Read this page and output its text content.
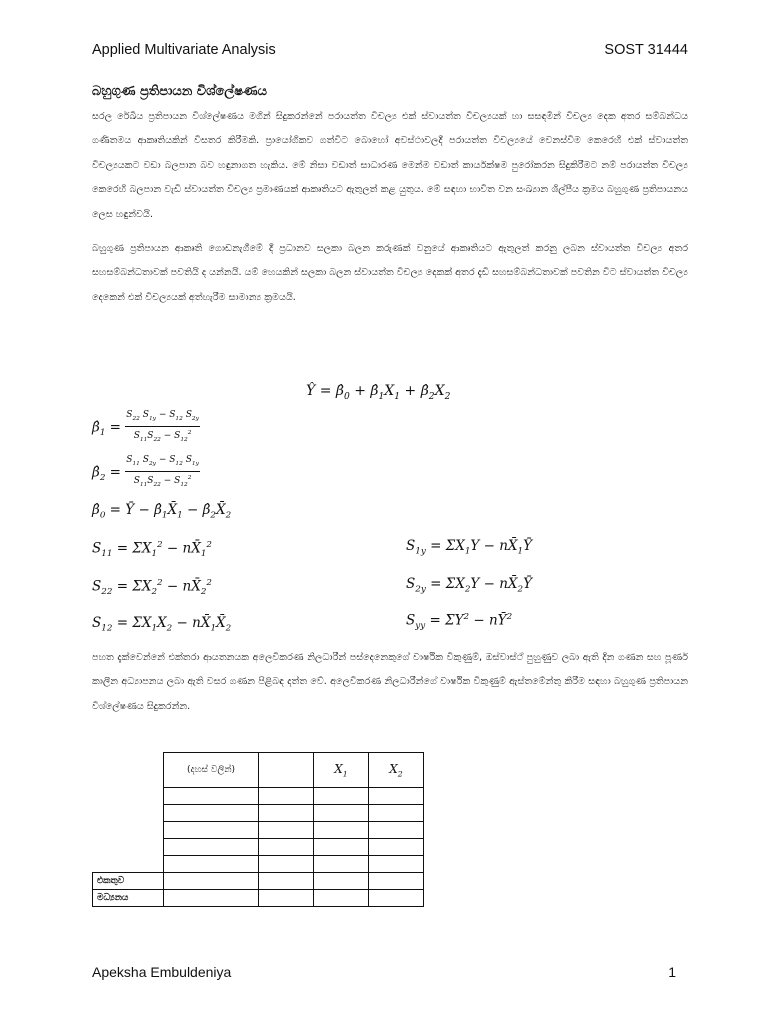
Applied Multivariate Analysis	SOST 31444
බහුගුණ ප්‍රතිපායන විශ්ලේෂණය

සරල රේඛීය ප්‍රතිපායන විශ්ලේෂණය මගින් සිදුකරන්නේ පරායත්ත විචල්‍ය එක් ස්වායත්ත විචල්‍යයක් හා සසඳමින් විචල්‍ය දෙක අතර සම්බන්ධය ගණිතමය ආකෘතියකින් විසතර කිරීමකි. ප්‍රායෝගිකව ගත්විට බොහෝ අවස්ථාවලදී පරායත්ත විචල්‍යයේ වෙනස්වීම කෙරෙහි එක් ස්වායත්ත විචල්‍යයකට වඩා බලපාන බව හඳුනාගත හැකිය. මේ නිසා වඩාත් සාධාරණ මෙන්ම වඩාත් කාර්යක්ෂම පුරෝකරන සිදුකිරීමට නම් පරායත්ත විචල්‍ය කෙරෙහි බලපාන වැඩි ස්වායත්ත විචල්‍ය ප්‍රමාණයක් ආකෘතියට ඇතුලත් කළ යුතුය. මේ සඳහා භාවිත වන සංඛ්‍යාන ශිල්පීය ක්‍රමය බහුගුණ ප්‍රතිපායනය ලෙස හඳුන්වයි.

බහුගුණ ප්‍රතිපායන ආකෘති ගොඩනැගීමේ දී ප්‍රධානව සලකා බලන කරුණක් වනුයේ ආකෘතියට ඇතුලත් කරනු ලබන ස්වායත්ත විචල්‍ය අතර සහසම්බන්ධතාවක් පවතියි ද යන්නයි. යම් හෙයකින් සලකා බලන ස්වායත්ත විචල්‍ය දෙකක් අතර දැඩි සහසම්බන්ධතාවක් පවතින විට ස්වායත්ත විචල්‍ය දෙකෙන් එක් විචල්‍යයක් අත්හැරීම සාමාන්‍ය ක්‍රමයයි.

Ŷ = $\betâ_0$ + $\betâ_1X_1$ + $\betâ_2X_2$
$\betâ_1 = \frac{S_{22} S_{1y} - S_{12} S_{2y}}{S_{11}S_{22} - S_{12}^2}$
$\betâ_2 = \frac{S_{11} S_{2y} - S_{12} S_{1y}}{S_{11}S_{22} - S_{12}^2}$
$\betâ_0$ = Ȳ − $\betâ_1X̄_1$ − $\betâ_2X̄_2$
$S_{11} = \Sigma X_1^2$ − $nX̄_1^2$
$S_{22} = \Sigma X_2^2$ − $nX̄_2^2$
$S_{12} = \Sigma X_1X_2$ − $nX̄_1X̄_2$
$S_{1y} = \Sigma X_1Y$ − $nX̄_1Ȳ$
$S_{2y} = \Sigma X_2Y$ − $nX̄_2Ȳ$
$S_{yy} = \Sigma Y^2$ − $nȲ^2$

පහත දැක්වෙන්නේ එක්තරා ආයතනයක අලෙවිකරණ නිලධාරීන් පස්දෙනෙකුගේ වාර්ෂික විකුණුම්, ඔස්වාස්ථ් පුහුණුව ලබා ඇති දින ගණන සහ පූර්ණ කාලීන අධ්‍යාපනය ලබා ඇති වසර ගණන පිළිබඳ දත්ත වේ. අලෙවිකරණ නිලධාරීන්ගේ වාර්ෂික විකුණුම් ඇස්තමේන්තු කිරීම සඳහා බහුගුණ ප්‍රතිපායන විශ්ලේෂණය සිදුකරන්න.

	(දහස් වලින්)		$X_1$	$X_2$

එකතුව				
මධ්‍යනය				
Apeksha Embuldeniya	1
